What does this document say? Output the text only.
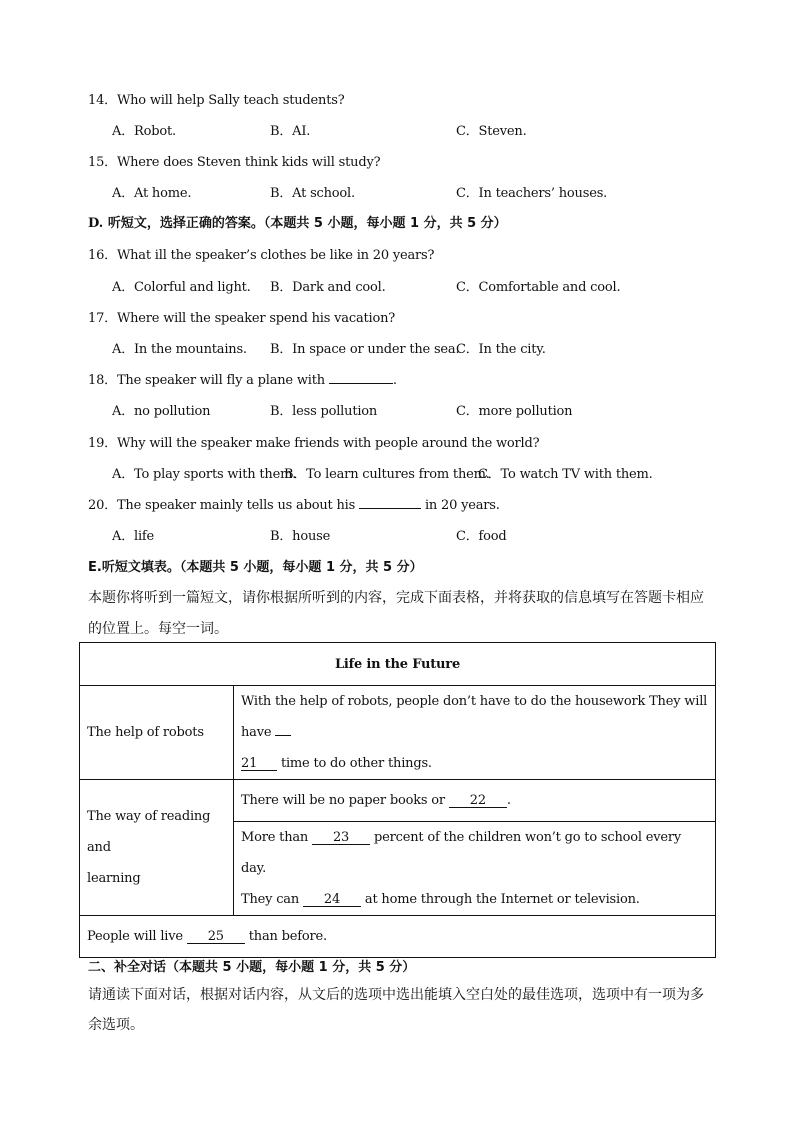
14．Who will help Sally teach students?
A．Robot.	B．AI.	C．Steven.
15．Where does Steven think kids will study?
A．At home.	B．At school.	C．In teachers’ houses.
D. 听短文，选择正确的答案。（本题共 5 小题，每小题 1 分，共 5 分）
16．What ill the speaker’s clothes be like in 20 years?
A．Colorful and light. B．Dark and cool.	C．Comfortable and cool.
17．Where will the speaker spend his vacation?
A．In the mountains. B．In space or under the sea.
C．In the city.
18．The speaker will fly a plane with	.
A．no pollution	B．less pollution	C．more pollution
19．Why will the speaker make friends with people around the world?
A．To play sports with them.
B．To learn cultures from them.
C．To watch TV with them.
20．The speaker mainly tells us about his	in 20 years.
A．life	B．house	C．food
E.听短文填表。（本题共 5 小题，每小题 1 分，共 5 分）
本题你将听到一篇短文，请你根据所听到的内容，完成下面表格，并将获取的信息填写在答题卡相应
的位置上。每空一词。
Life in the Future	
The help of robots	With the help of robots, people don’t have to do the housework They will have
21 time to do other things.

The way of reading and
learning	There will be no paper books or 22 .

	More than 23 percent of the children won’t go to school every day.
They can 24 at home through the Internet or television.

People will live 25 than before.	
二、补全对话（本题共 5 小题，每小题 1 分，共 5 分）
请通读下面对话，根据对话内容，从文后的选项中选出能填入空白处的最佳选项，选项中有一项为多
余选项。
